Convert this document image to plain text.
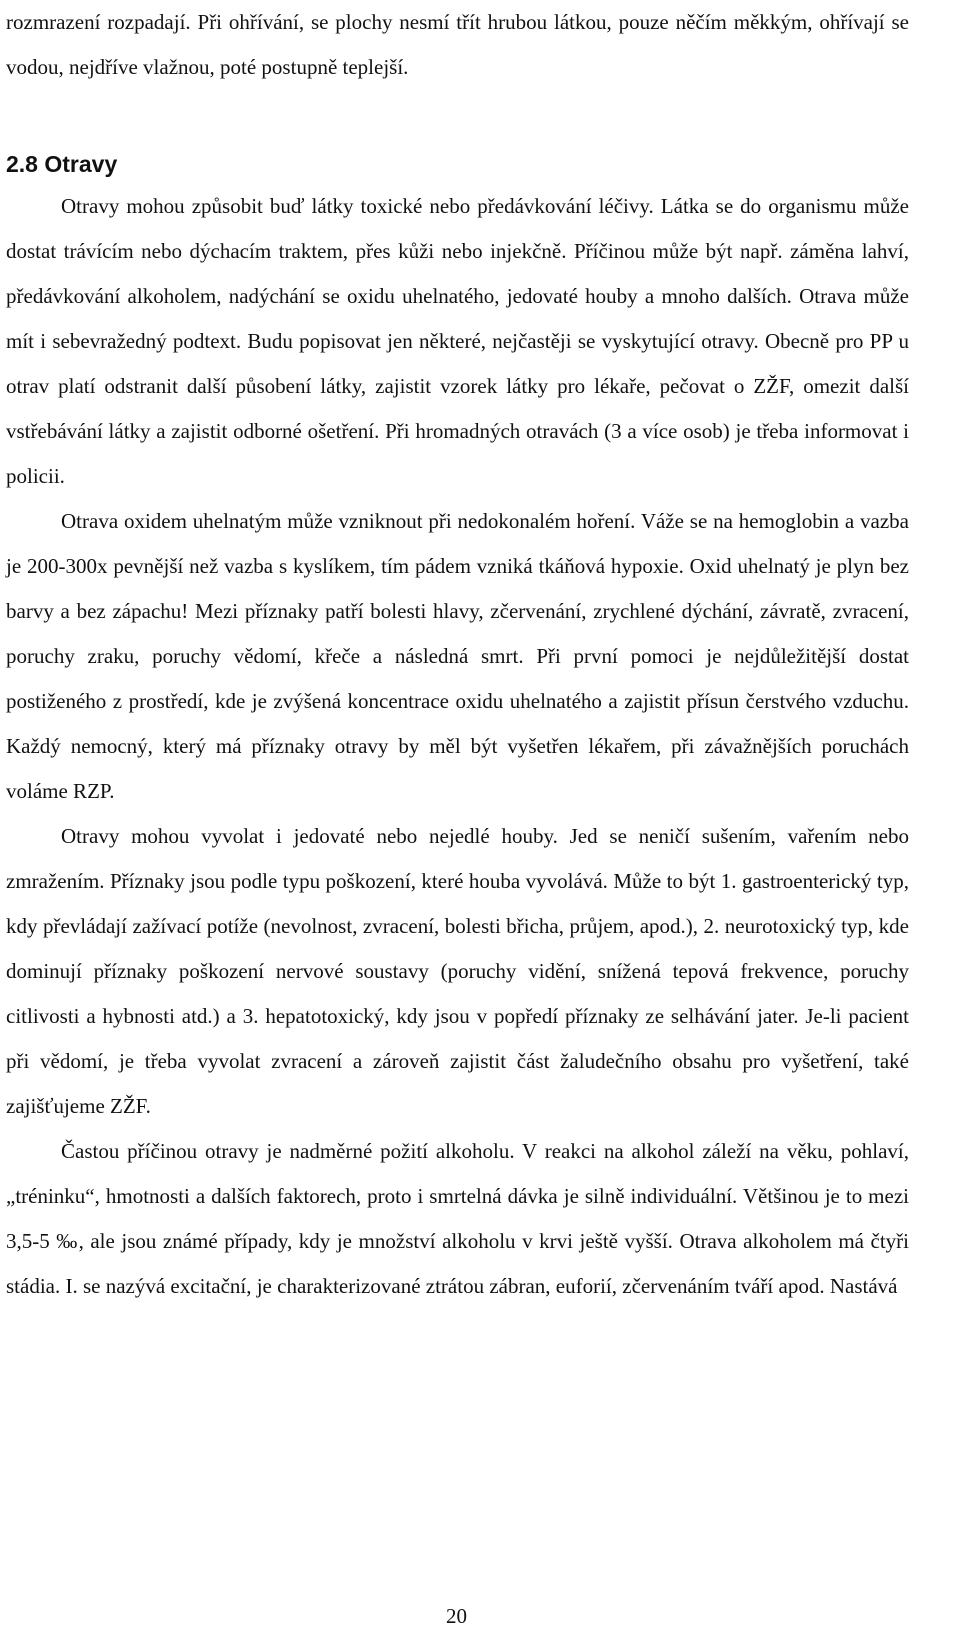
rozmrazení rozpadají. Při ohřívání, se plochy nesmí třít hrubou látkou, pouze něčím měkkým, ohřívají se vodou, nejdříve vlažnou, poté postupně teplejší.

2.8 Otravy

Otravy mohou způsobit buď látky toxické nebo předávkování léčivy. Látka se do organismu může dostat trávícím nebo dýchacím traktem, přes kůži nebo injekčně. Příčinou může být např. záměna lahví, předávkování alkoholem, nadýchání se oxidu uhelnatého, jedovaté houby a mnoho dalších. Otrava může mít i sebevražedný podtext. Budu popisovat jen některé, nejčastěji se vyskytující otravy. Obecně pro PP u otrav platí odstranit další působení látky, zajistit vzorek látky pro lékaře, pečovat o ZŽF, omezit další vstřebávání látky a zajistit odborné ošetření. Při hromadných otravách (3 a více osob) je třeba informovat i policii.

Otrava oxidem uhelnatým může vzniknout při nedokonalém hoření. Váže se na hemoglobin a vazba je 200-300x pevnější než vazba s kyslíkem, tím pádem vzniká tkáňová hypoxie. Oxid uhelnatý je plyn bez barvy a bez zápachu! Mezi příznaky patří bolesti hlavy, zčervenání, zrychlené dýchání, závratě, zvracení, poruchy zraku, poruchy vědomí, křeče a následná smrt. Při první pomoci je nejdůležitější dostat postiženého z prostředí, kde je zvýšená koncentrace oxidu uhelnatého a zajistit přísun čerstvého vzduchu. Každý nemocný, který má příznaky otravy by měl být vyšetřen lékařem, při závažnějších poruchách voláme RZP.

Otravy mohou vyvolat i jedovaté nebo nejedlé houby. Jed se neničí sušením, vařením nebo zmražením. Příznaky jsou podle typu poškození, které houba vyvolává. Může to být 1. gastroenterický typ, kdy převládají zažívací potíže (nevolnost, zvracení, bolesti břicha, průjem, apod.), 2. neurotoxický typ, kde dominují příznaky poškození nervové soustavy (poruchy vidění, snížená tepová frekvence, poruchy citlivosti a hybnosti atd.) a 3. hepatotoxický, kdy jsou v popředí příznaky ze selhávání jater. Je-li pacient při vědomí, je třeba vyvolat zvracení a zároveň zajistit část žaludečního obsahu pro vyšetření, také zajišťujeme ZŽF.

Častou příčinou otravy je nadměrné požití alkoholu. V reakci na alkohol záleží na věku, pohlaví, „tréninku“, hmotnosti a dalších faktorech, proto i smrtelná dávka je silně individuální. Většinou je to mezi 3,5-5 ‰, ale jsou známé případy, kdy je množství alkoholu v krvi ještě vyšší. Otrava alkoholem má čtyři stádia. I. se nazývá excitační, je charakterizované ztrátou zábran, euforií, zčervenáním tváří apod. Nastává

20
